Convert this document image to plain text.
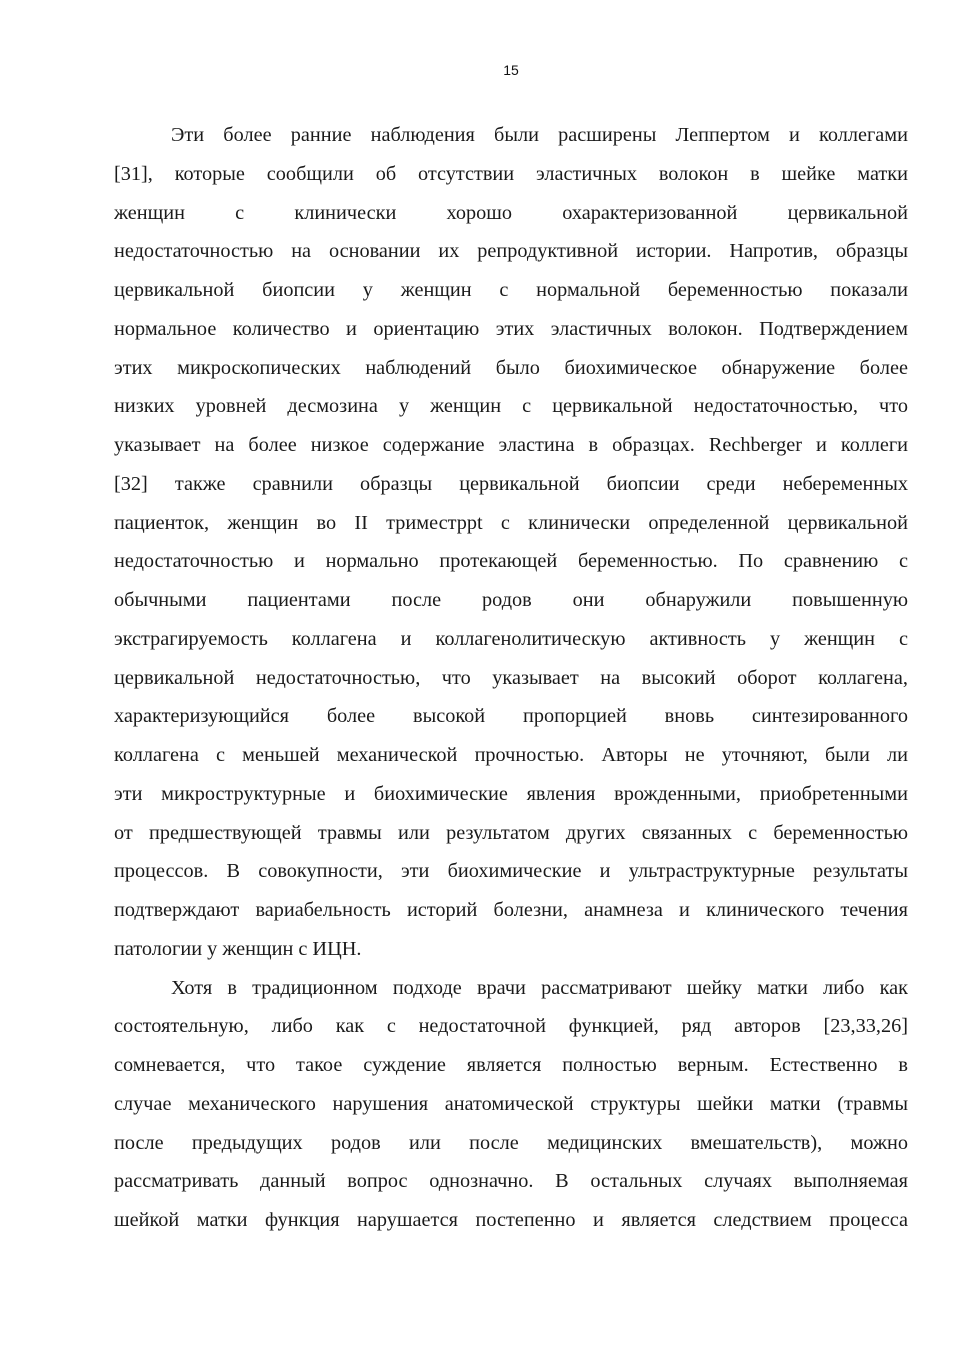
15
Эти более ранние наблюдения были расширены Леппертом и коллегами
[31], которые сообщили об отсутствии эластичных волокон в шейке матки
женщин с клинически хорошо охарактеризованной цервикальной
недостаточностью на основании их репродуктивной истории. Напротив, образцы
цервикальной биопсии у женщин с нормальной беременностью показали
нормальное количество и ориентацию этих эластичных волокон. Подтверждением
этих микроскопических наблюдений было биохимическое обнаружение более
низких уровней десмозина у женщин с цервикальной недостаточностью, что
указывает на более низкое содержание эластина в образцах. Rechberger и коллеги
[32] также сравнили образцы цервикальной биопсии среди небеременных
пациенток, женщин во II триместрpt с клинически определенной цервикальной
недостаточностью и нормально протекающей беременностью. По сравнению с
обычными пациентами после родов они обнаружили повышенную
экстрагируемость коллагена и коллагенолитическую активность у женщин с
цервикальной недостаточностью, что указывает на высокий оборот коллагена,
характеризующийся более высокой пропорцией вновь синтезированного
коллагена с меньшей механической прочностью. Авторы не уточняют, были ли
эти микроструктурные и биохимические явления врожденными, приобретенными
от предшествующей травмы или результатом других связанных с беременностью
процессов. В совокупности, эти биохимические и ультраструктурные результаты
подтверждают вариабельность историй болезни, анамнеза и клинического течения
патологии у женщин с ИЦН.
Хотя в традиционном подходе врачи рассматривают шейку матки либо как
состоятельную, либо как с недостаточной функцией, ряд авторов [23,33,26]
сомневается, что такое суждение является полностью верным. Естественно в
случае механического нарушения анатомической структуры шейки матки (травмы
после предыдущих родов или после медицинских вмешательств), можно
рассматривать данный вопрос однозначно. В остальных случаях выполняемая
шейкой матки функция нарушается постепенно и является следствием процесса
